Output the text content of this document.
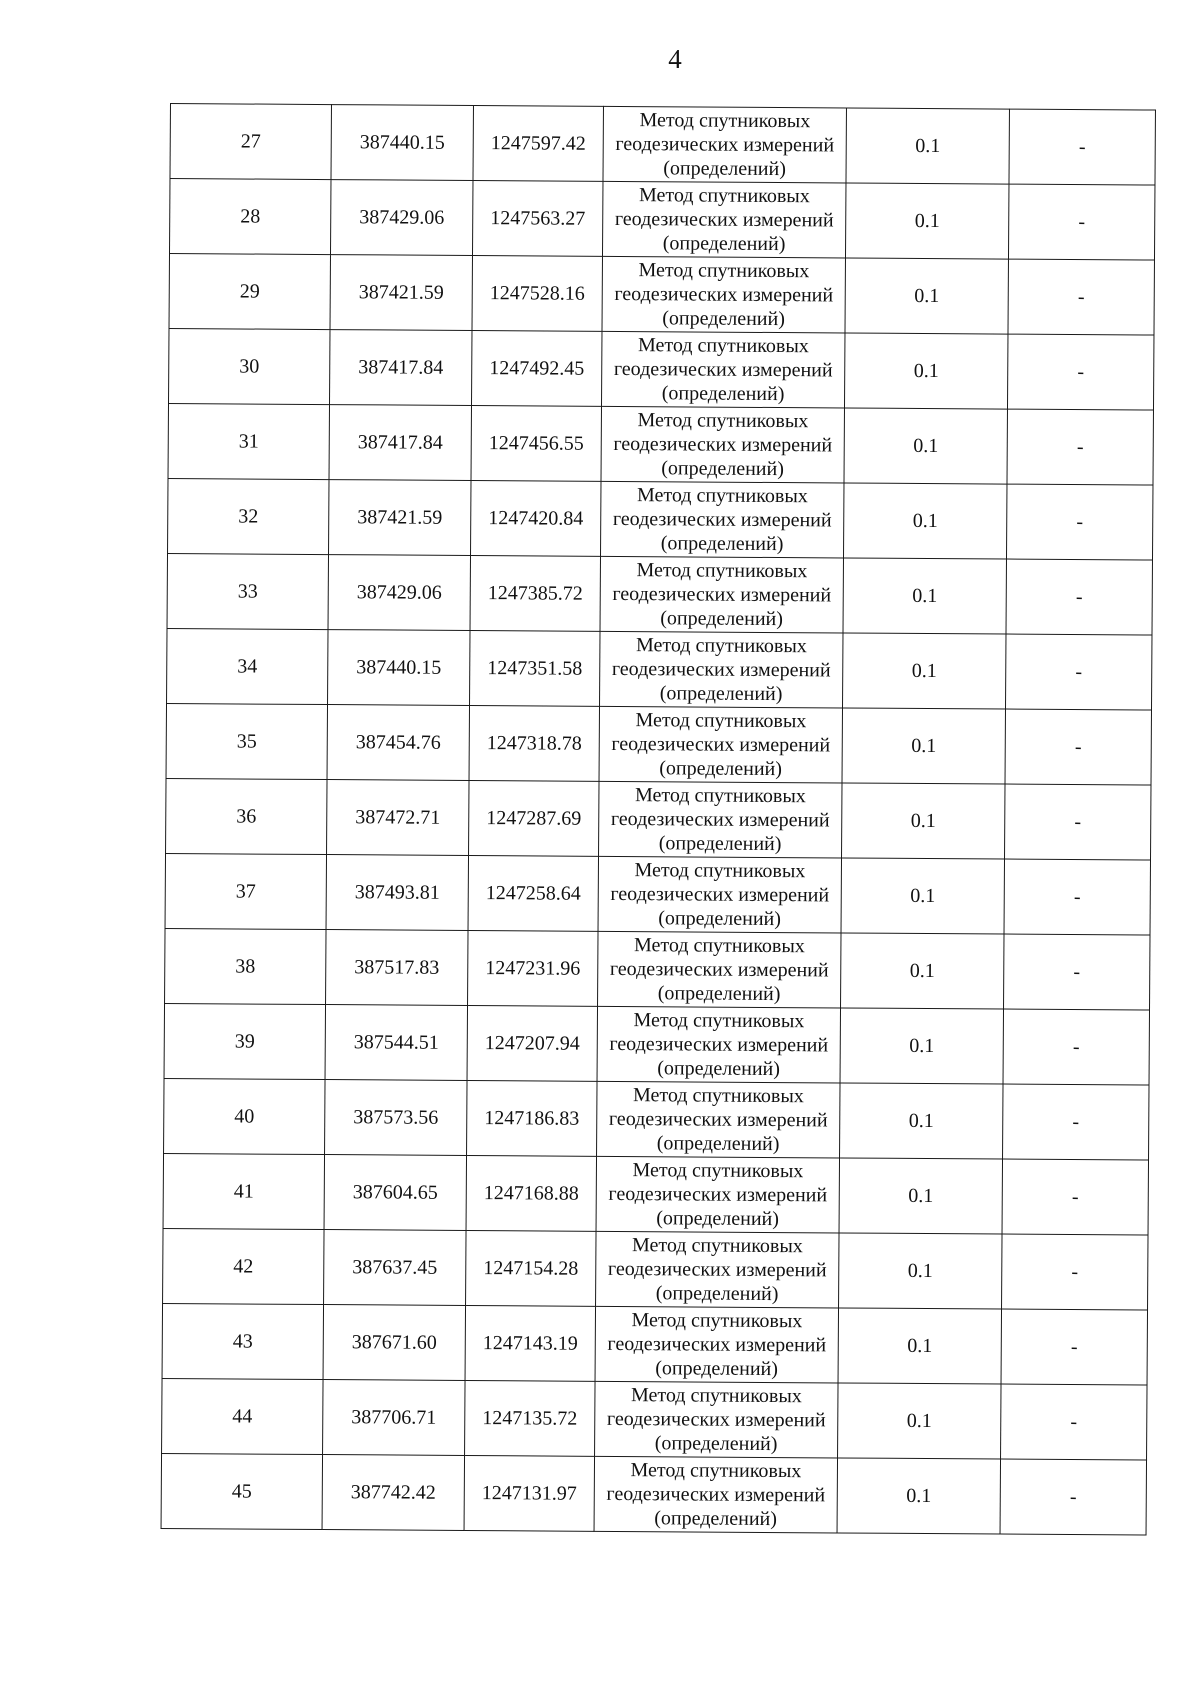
4
27	387440.15	1247597.42	Метод спутниковых
геодезических измерений
(определений)	0.1	-
28	387429.06	1247563.27	Метод спутниковых
геодезических измерений
(определений)	0.1	-
29	387421.59	1247528.16	Метод спутниковых
геодезических измерений
(определений)	0.1	-
30	387417.84	1247492.45	Метод спутниковых
геодезических измерений
(определений)	0.1	-
31	387417.84	1247456.55	Метод спутниковых
геодезических измерений
(определений)	0.1	-
32	387421.59	1247420.84	Метод спутниковых
геодезических измерений
(определений)	0.1	-
33	387429.06	1247385.72	Метод спутниковых
геодезических измерений
(определений)	0.1	-
34	387440.15	1247351.58	Метод спутниковых
геодезических измерений
(определений)	0.1	-
35	387454.76	1247318.78	Метод спутниковых
геодезических измерений
(определений)	0.1	-
36	387472.71	1247287.69	Метод спутниковых
геодезических измерений
(определений)	0.1	-
37	387493.81	1247258.64	Метод спутниковых
геодезических измерений
(определений)	0.1	-
38	387517.83	1247231.96	Метод спутниковых
геодезических измерений
(определений)	0.1	-
39	387544.51	1247207.94	Метод спутниковых
геодезических измерений
(определений)	0.1	-
40	387573.56	1247186.83	Метод спутниковых
геодезических измерений
(определений)	0.1	-
41	387604.65	1247168.88	Метод спутниковых
геодезических измерений
(определений)	0.1	-
42	387637.45	1247154.28	Метод спутниковых
геодезических измерений
(определений)	0.1	-
43	387671.60	1247143.19	Метод спутниковых
геодезических измерений
(определений)	0.1	-
44	387706.71	1247135.72	Метод спутниковых
геодезических измерений
(определений)	0.1	-
45	387742.42	1247131.97	Метод спутниковых
геодезических измерений
(определений)	0.1	-
